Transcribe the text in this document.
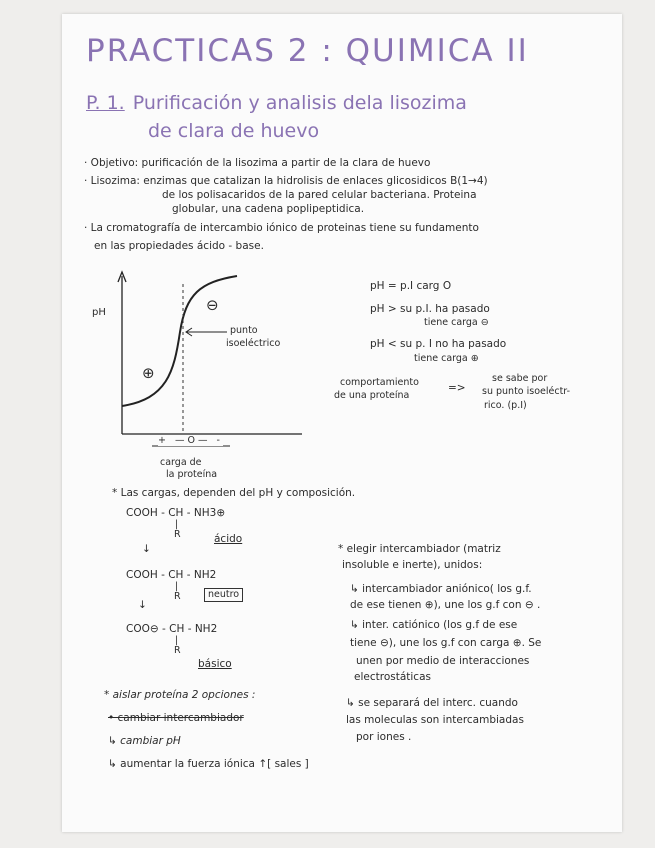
PRACTICAS 2 : QUIMICA II
P. 1. Purificación y analisis dela lisozima
de clara de huevo
· Objetivo: purificación de la lisozima a partir de la clara de huevo
· Lisozima: enzimas que catalizan la hidrolisis de enlaces glicosidicos B(1→4)
de los polisacaridos de la pared celular bacteriana. Proteina
globular, una cadena poplipeptidica.
· La cromatografía de intercambio iónico de proteinas tiene su fundamento
en las propiedades ácido - base.
pH	⊖
⊕
punto
isoeléctrico
+ —O— -
carga de
la proteína
pH = p.I carg O
pH > su p.I. ha pasado
tiene carga ⊖
pH < su p. I no ha pasado
tiene carga ⊕
comportamiento
de una proteína
=>
se sabe por
su punto isoeléctr-
rico. (p.I)
* Las cargas, dependen del pH y composición.
COOH - CH - NH3⊕
|
R	ácido
↓
COOH - CH - NH2
|
R	neutro
↓
COO⊖ - CH - NH2
|
R
básico
* elegir intercambiador (matriz
insoluble e inerte), unidos:
↳ intercambiador aniónico( los g.f.
de ese tienen ⊕), une los g.f con ⊖ .
↳ inter. catiónico (los g.f de ese
tiene ⊖), une los g.f con carga ⊕. Se
unen por medio de interacciones
electrostáticas
* aislar proteína 2 opciones :
• cambiar intercambiador
↳ cambiar pH
↳ aumentar la fuerza iónica ↑[ sales ]
↳ se separará del interc. cuando
las moleculas son intercambiadas
por iones .
